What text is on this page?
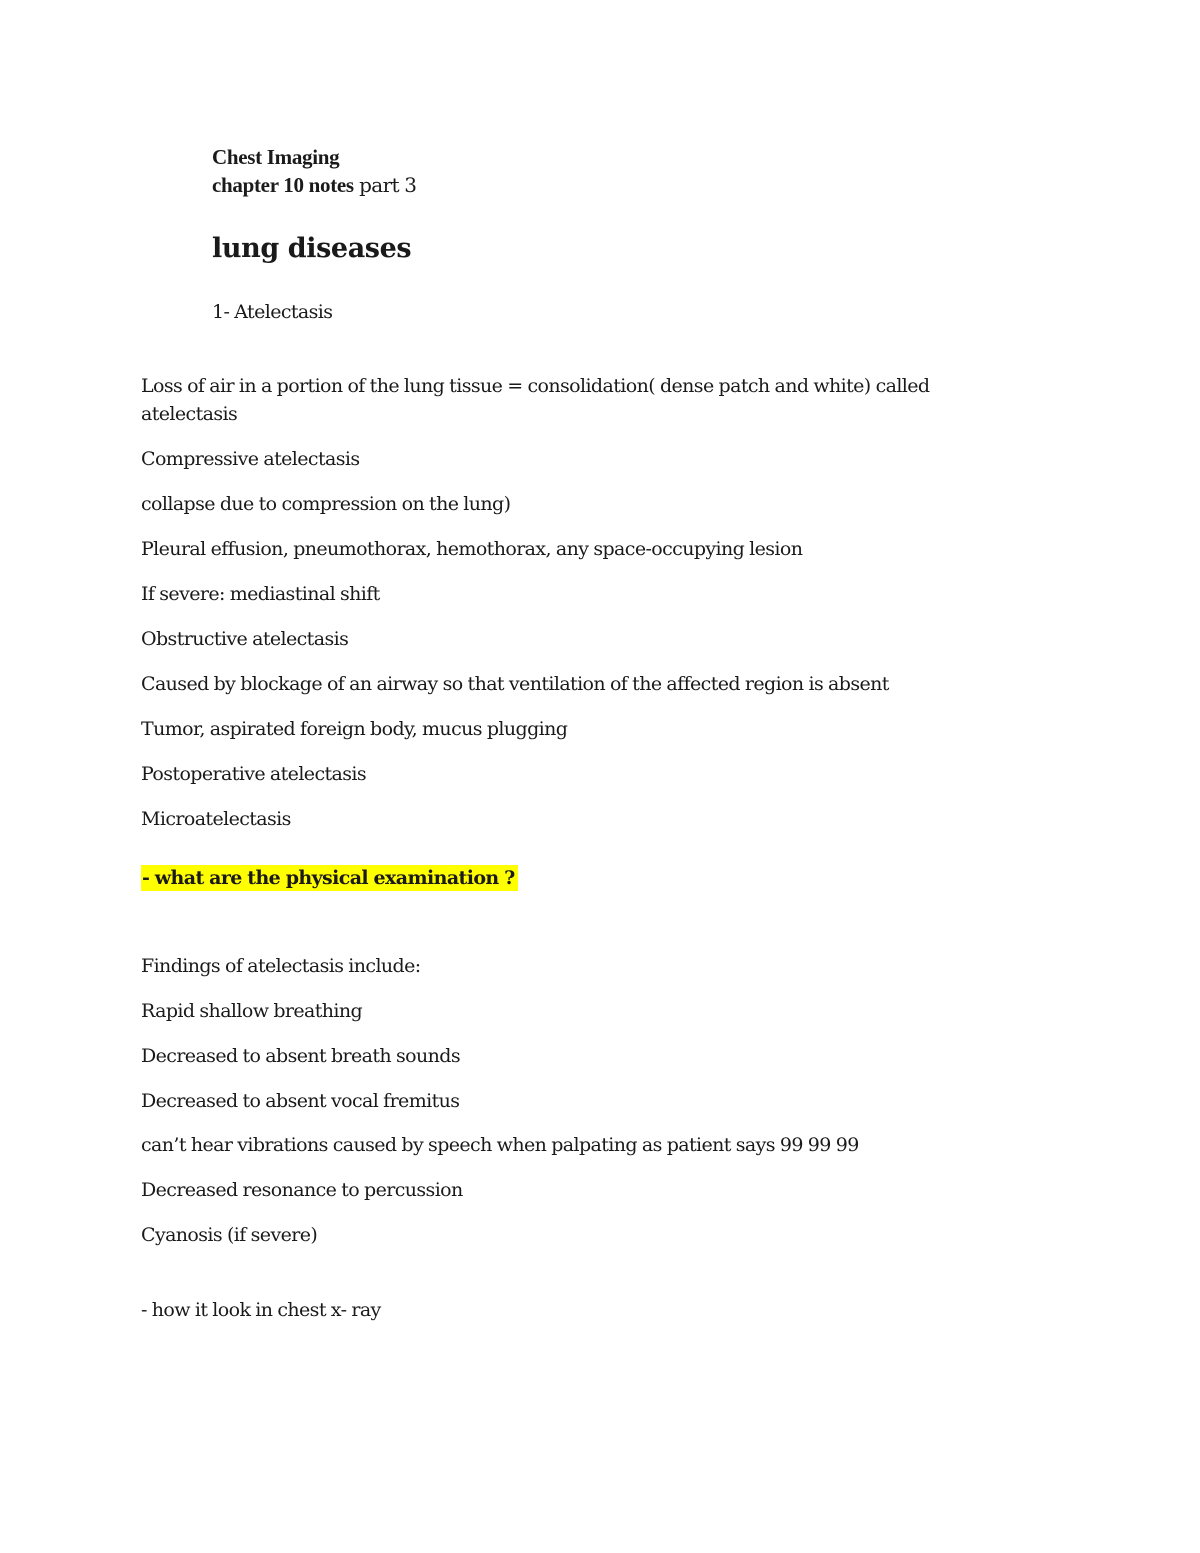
Chest Imaging
chapter 10 notes part 3
lung diseases
1- Atelectasis
Loss of air in a portion of the lung tissue = consolidation( dense patch and white) called
atelectasis
Compressive atelectasis
collapse due to compression on the lung)
Pleural effusion, pneumothorax, hemothorax, any space-occupying lesion
If severe: mediastinal shift
Obstructive atelectasis
Caused by blockage of an airway so that ventilation of the affected region is absent
Tumor, aspirated foreign body, mucus plugging
Postoperative atelectasis
Microatelectasis
- what are the physical examination ?
Findings of atelectasis include:
Rapid shallow breathing
Decreased to absent breath sounds
Decreased to absent vocal fremitus
can’t hear vibrations caused by speech when palpating as patient says 99 99 99
Decreased resonance to percussion
Cyanosis (if severe)
- how it look in chest x- ray
